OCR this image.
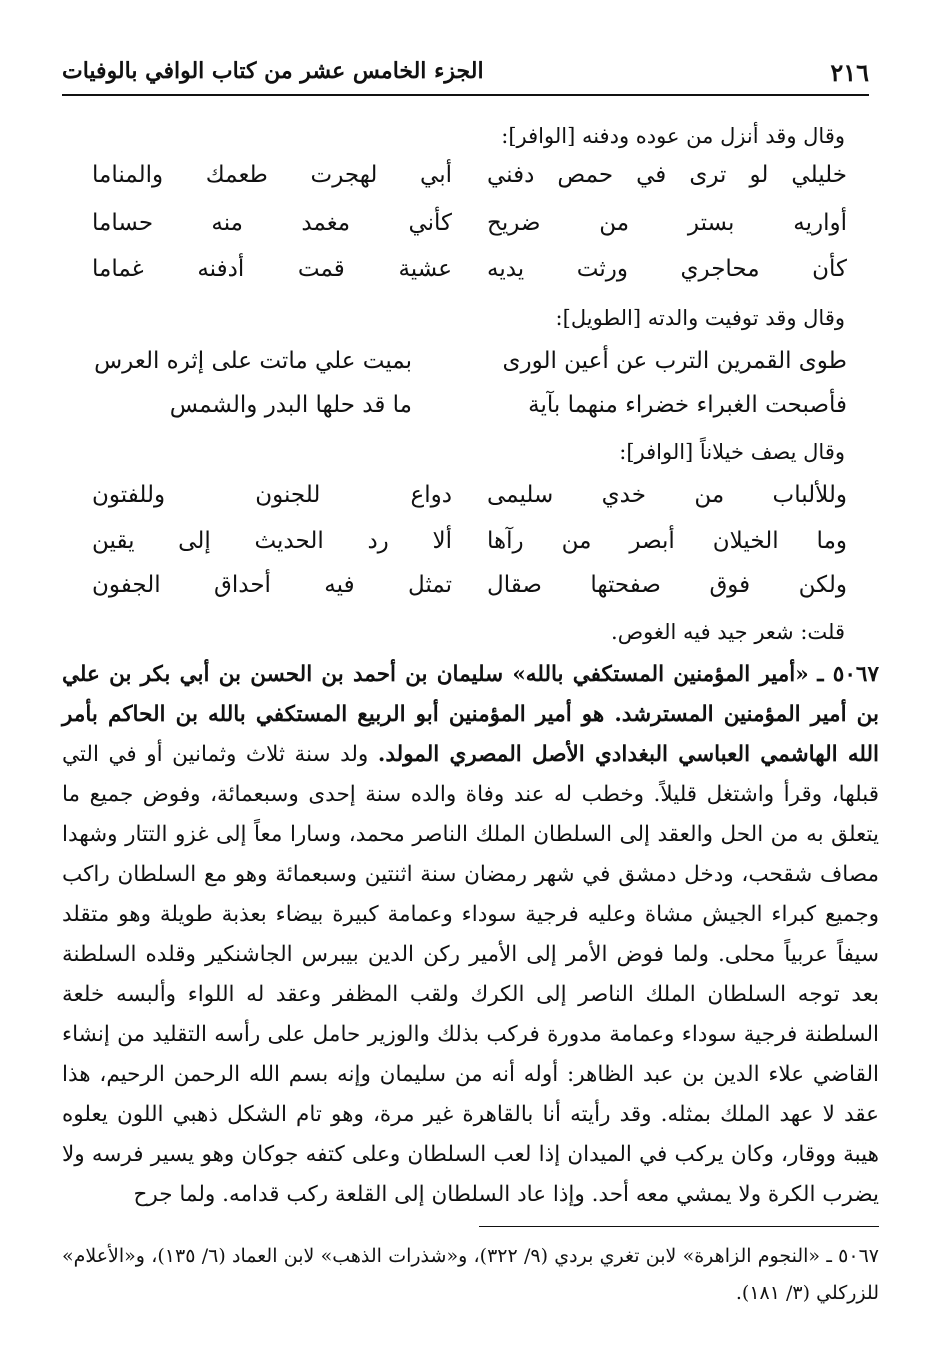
٢١٦
الجزء الخامس عشر من كتاب الوافي بالوفيات
وقال وقد أنزل من عوده ودفنه [الوافر]:
خليلي لو ترى في حمص دفني
أبي لهجرت طعمك والمناما
أواريه بستر من ضريح
كأني مغمد منه حساما
كأن محاجري ورثت يديه
عشية قمت أدفنه غماما
وقال وقد توفيت والدته [الطويل]:
طوى القمرين الترب عن أعين الورى
بميت علي ماتت على إثره العرس
فأصبحت الغبراء خضراء منهما بآية
ما قد حلها البدر والشمس
وقال يصف خيلاناً [الوافر]:
وللألباب من خدي سليمى
دواع للجنون وللفتون
وما الخيلان أبصر من رآها
ألا رد الحديث إلى يقين
ولكن فوق صفحتها صقال
تمثل فيه أحداق الجفون
قلت: شعر جيد فيه الغوص.
٥٠٦٧ ـ «أمير المؤمنين المستكفي بالله» سليمان بن أحمد بن الحسن بن أبي بكر بن علي بن أمير المؤمنين المسترشد. هو أمير المؤمنين أبو الربيع المستكفي بالله بن الحاكم بأمر الله الهاشمي العباسي البغدادي الأصل المصري المولد. ولد سنة ثلاث وثمانين أو في التي قبلها، وقرأ واشتغل قليلاً. وخطب له عند وفاة والده سنة إحدى وسبعمائة، وفوض جميع ما يتعلق به من الحل والعقد إلى السلطان الملك الناصر محمد، وسارا معاً إلى غزو التتار وشهدا مصاف شقحب، ودخل دمشق في شهر رمضان سنة اثنتين وسبعمائة وهو مع السلطان راكب وجميع كبراء الجيش مشاة وعليه فرجية سوداء وعمامة كبيرة بيضاء بعذبة طويلة وهو متقلد سيفاً عربياً محلى. ولما فوض الأمر إلى الأمير ركن الدين بيبرس الجاشنكير وقلده السلطنة بعد توجه السلطان الملك الناصر إلى الكرك ولقب المظفر وعقد له اللواء وألبسه خلعة السلطنة فرجية سوداء وعمامة مدورة فركب بذلك والوزير حامل على رأسه التقليد من إنشاء القاضي علاء الدين بن عبد الظاهر: أوله أنه من سليمان وإنه بسم الله الرحمن الرحيم، هذا عقد لا عهد الملك بمثله. وقد رأيته أنا بالقاهرة غير مرة، وهو تام الشكل ذهبي اللون يعلوه هيبة ووقار، وكان يركب في الميدان إذا لعب السلطان وعلى كتفه جوكان وهو يسير فرسه ولا يضرب الكرة ولا يمشي معه أحد. وإذا عاد السلطان إلى القلعة ركب قدامه. ولما جرح
٥٠٦٧ ـ «النجوم الزاهرة» لابن تغري بردي (٩/ ٣٢٢)، و«شذرات الذهب» لابن العماد (٦/ ١٣٥)، و«الأعلام» للزركلي (٣/ ١٨١).
